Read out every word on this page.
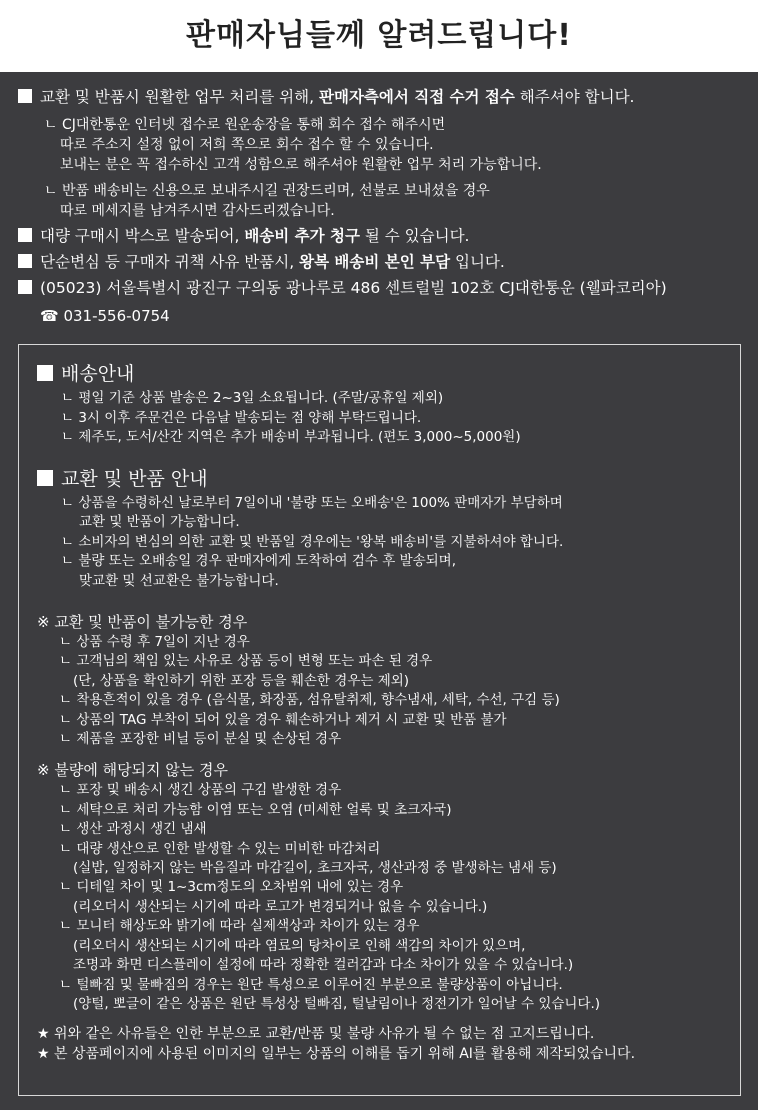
판매자님들께 알려드립니다!
교환 및 반품시 원활한 업무 처리를 위해, 판매자측에서 직접 수거 접수 해주셔야 합니다.
ㄴ CJ대한통운 인터넷 접수로 원운송장을 통해 회수 접수 해주시면
따로 주소지 설정 없이 저희 쪽으로 회수 접수 할 수 있습니다.
보내는 분은 꼭 접수하신 고객 성함으로 해주셔야 원활한 업무 처리 가능합니다.
ㄴ 반품 배송비는 신용으로 보내주시길 권장드리며, 선불로 보내셨을 경우
따로 메세지를 남겨주시면 감사드리겠습니다.
대량 구매시 박스로 발송되어, 배송비 추가 청구 될 수 있습니다.
단순변심 등 구매자 귀책 사유 반품시, 왕복 배송비 본인 부담 입니다.
(05023) 서울특별시 광진구 구의동 광나루로 486 센트럴빌 102호 CJ대한통운 (웰파코리아)
☎ 031-556-0754
배송안내
ㄴ 평일 기준 상품 발송은 2~3일 소요됩니다. (주말/공휴일 제외)
ㄴ 3시 이후 주문건은 다음날 발송되는 점 양해 부탁드립니다.
ㄴ 제주도, 도서/산간 지역은 추가 배송비 부과됩니다. (편도 3,000~5,000원)
교환 및 반품 안내
ㄴ 상품을 수령하신 날로부터 7일이내 '불량 또는 오배송'은 100% 판매자가 부담하며
교환 및 반품이 가능합니다.
ㄴ 소비자의 변심의 의한 교환 및 반품일 경우에는 '왕복 배송비'를 지불하셔야 합니다.
ㄴ 불량 또는 오배송일 경우 판매자에게 도착하여 검수 후 발송되며,
맞교환 및 선교환은 불가능합니다.
※ 교환 및 반품이 불가능한 경우
ㄴ 상품 수령 후 7일이 지난 경우
ㄴ 고객님의 책임 있는 사유로 상품 등이 변형 또는 파손 된 경우
(단, 상품을 확인하기 위한 포장 등을 훼손한 경우는 제외)
ㄴ 착용흔적이 있을 경우 (음식물, 화장품, 섬유탈취제, 향수냄새, 세탁, 수선, 구김 등)
ㄴ 상품의 TAG 부착이 되어 있을 경우 훼손하거나 제거 시 교환 및 반품 불가
ㄴ 제품을 포장한 비닐 등이 분실 및 손상된 경우
※ 불량에 해당되지 않는 경우
ㄴ 포장 및 배송시 생긴 상품의 구김 발생한 경우
ㄴ 세탁으로 처리 가능함 이염 또는 오염 (미세한 얼룩 및 초크자국)
ㄴ 생산 과정시 생긴 냄새
ㄴ 대량 생산으로 인한 발생할 수 있는 미비한 마감처리
(실밥, 일정하지 않는 박음질과 마감길이, 초크자국, 생산과정 중 발생하는 냄새 등)
ㄴ 디테일 차이 및 1~3cm정도의 오차범위 내에 있는 경우
(리오더시 생산되는 시기에 따라 로고가 변경되거나 없을 수 있습니다.)
ㄴ 모니터 해상도와 밝기에 따라 실제색상과 차이가 있는 경우
(리오더시 생산되는 시기에 따라 염료의 탕차이로 인해 색감의 차이가 있으며,
조명과 화면 디스플레이 설정에 따라 정확한 컬러감과 다소 차이가 있을 수 있습니다.)
ㄴ 털빠짐 및 물빠짐의 경우는 원단 특성으로 이루어진 부분으로 불량상품이 아닙니다.
(양털, 뽀글이 같은 상품은 원단 특성상 털빠짐, 털날림이나 정전기가 일어날 수 있습니다.)
★ 위와 같은 사유들은 인한 부분으로 교환/반품 및 불량 사유가 될 수 없는 점 고지드립니다.
★ 본 상품페이지에 사용된 이미지의 일부는 상품의 이해를 돕기 위해 AI를 활용해 제작되었습니다.
